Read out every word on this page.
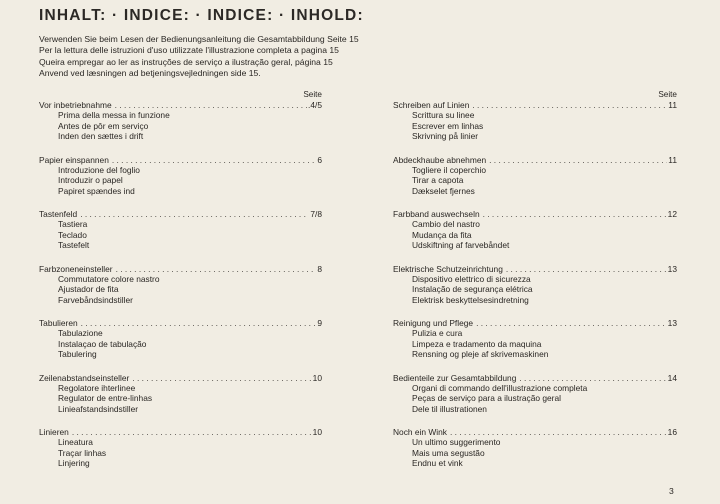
INHALT: · INDICE: · INDICE: · INHOLD:
Verwenden Sie beim Lesen der Bedienungsanleitung die Gesamtabbildung Seite 15
Per la lettura delle istruzioni d'uso utilizzate l'illustrazione completa a pagina 15
Queira empregar ao ler as instruções de serviço a ilustração geral, página 15
Anvend ved læsningen ad betjeningsvejledningen side 15.
Seite
Vor inbetriebnahme . . .	.4/5
Prima della messa in funzione
Antes de pôr em serviço
Inden den sættes i drift
Papier einspannen . . .	6
Introduzione del foglio
Introduzir o papel
Papiret spændes ind
Tastenfeld . . .	7/8
Tastiera
Teclado
Tastefelt
Farbzoneneinsteller . . .	8
Commutatore colore nastro
Ajustador de fita
Farvebåndsindstiller
Tabulieren . . .	9
Tabulazione
Instalaçao de tabulação
Tabulering
Zeilenabstandseinsteller . . .	10
Regolatore ihterlinee
Regulator de entre-linhas
Linieafstandsindstiller
Linieren . . .	10
Lineatura
Traçar linhas
Linjering
Seite
Schreiben auf Linien . . .	11
Scrittura su linee
Escrever em linhas
Skrivning på linier
Abdeckhaube abnehmen . . .	11
Togliere il coperchio
Tirar a capota
Dækselet fjernes
Farbband auswechseln . . .	12
Cambio del nastro
Mudança da fita
Udskiftning af farvebåndet
Elektrische Schutzeinrichtung . . .	13
Dispositivo elettrico di sicurezza
Instalação de segurança elétrica
Elektrisk beskyttelsesindretning
Reinigung und Pflege . . .	13
Pulizia e cura
Limpeza e tradamento da maquina
Rensning og pleje af skrivemaskinen
Bedienteile zur Gesamtabbildung . . .	14
Organi di commando dell'illustrazione completa
Peças de serviço para a ilustração geral
Dele til illustrationen
Noch ein Wink . . .	16
Un ultimo suggerimento
Mais uma segustão
Endnu et vink
3
